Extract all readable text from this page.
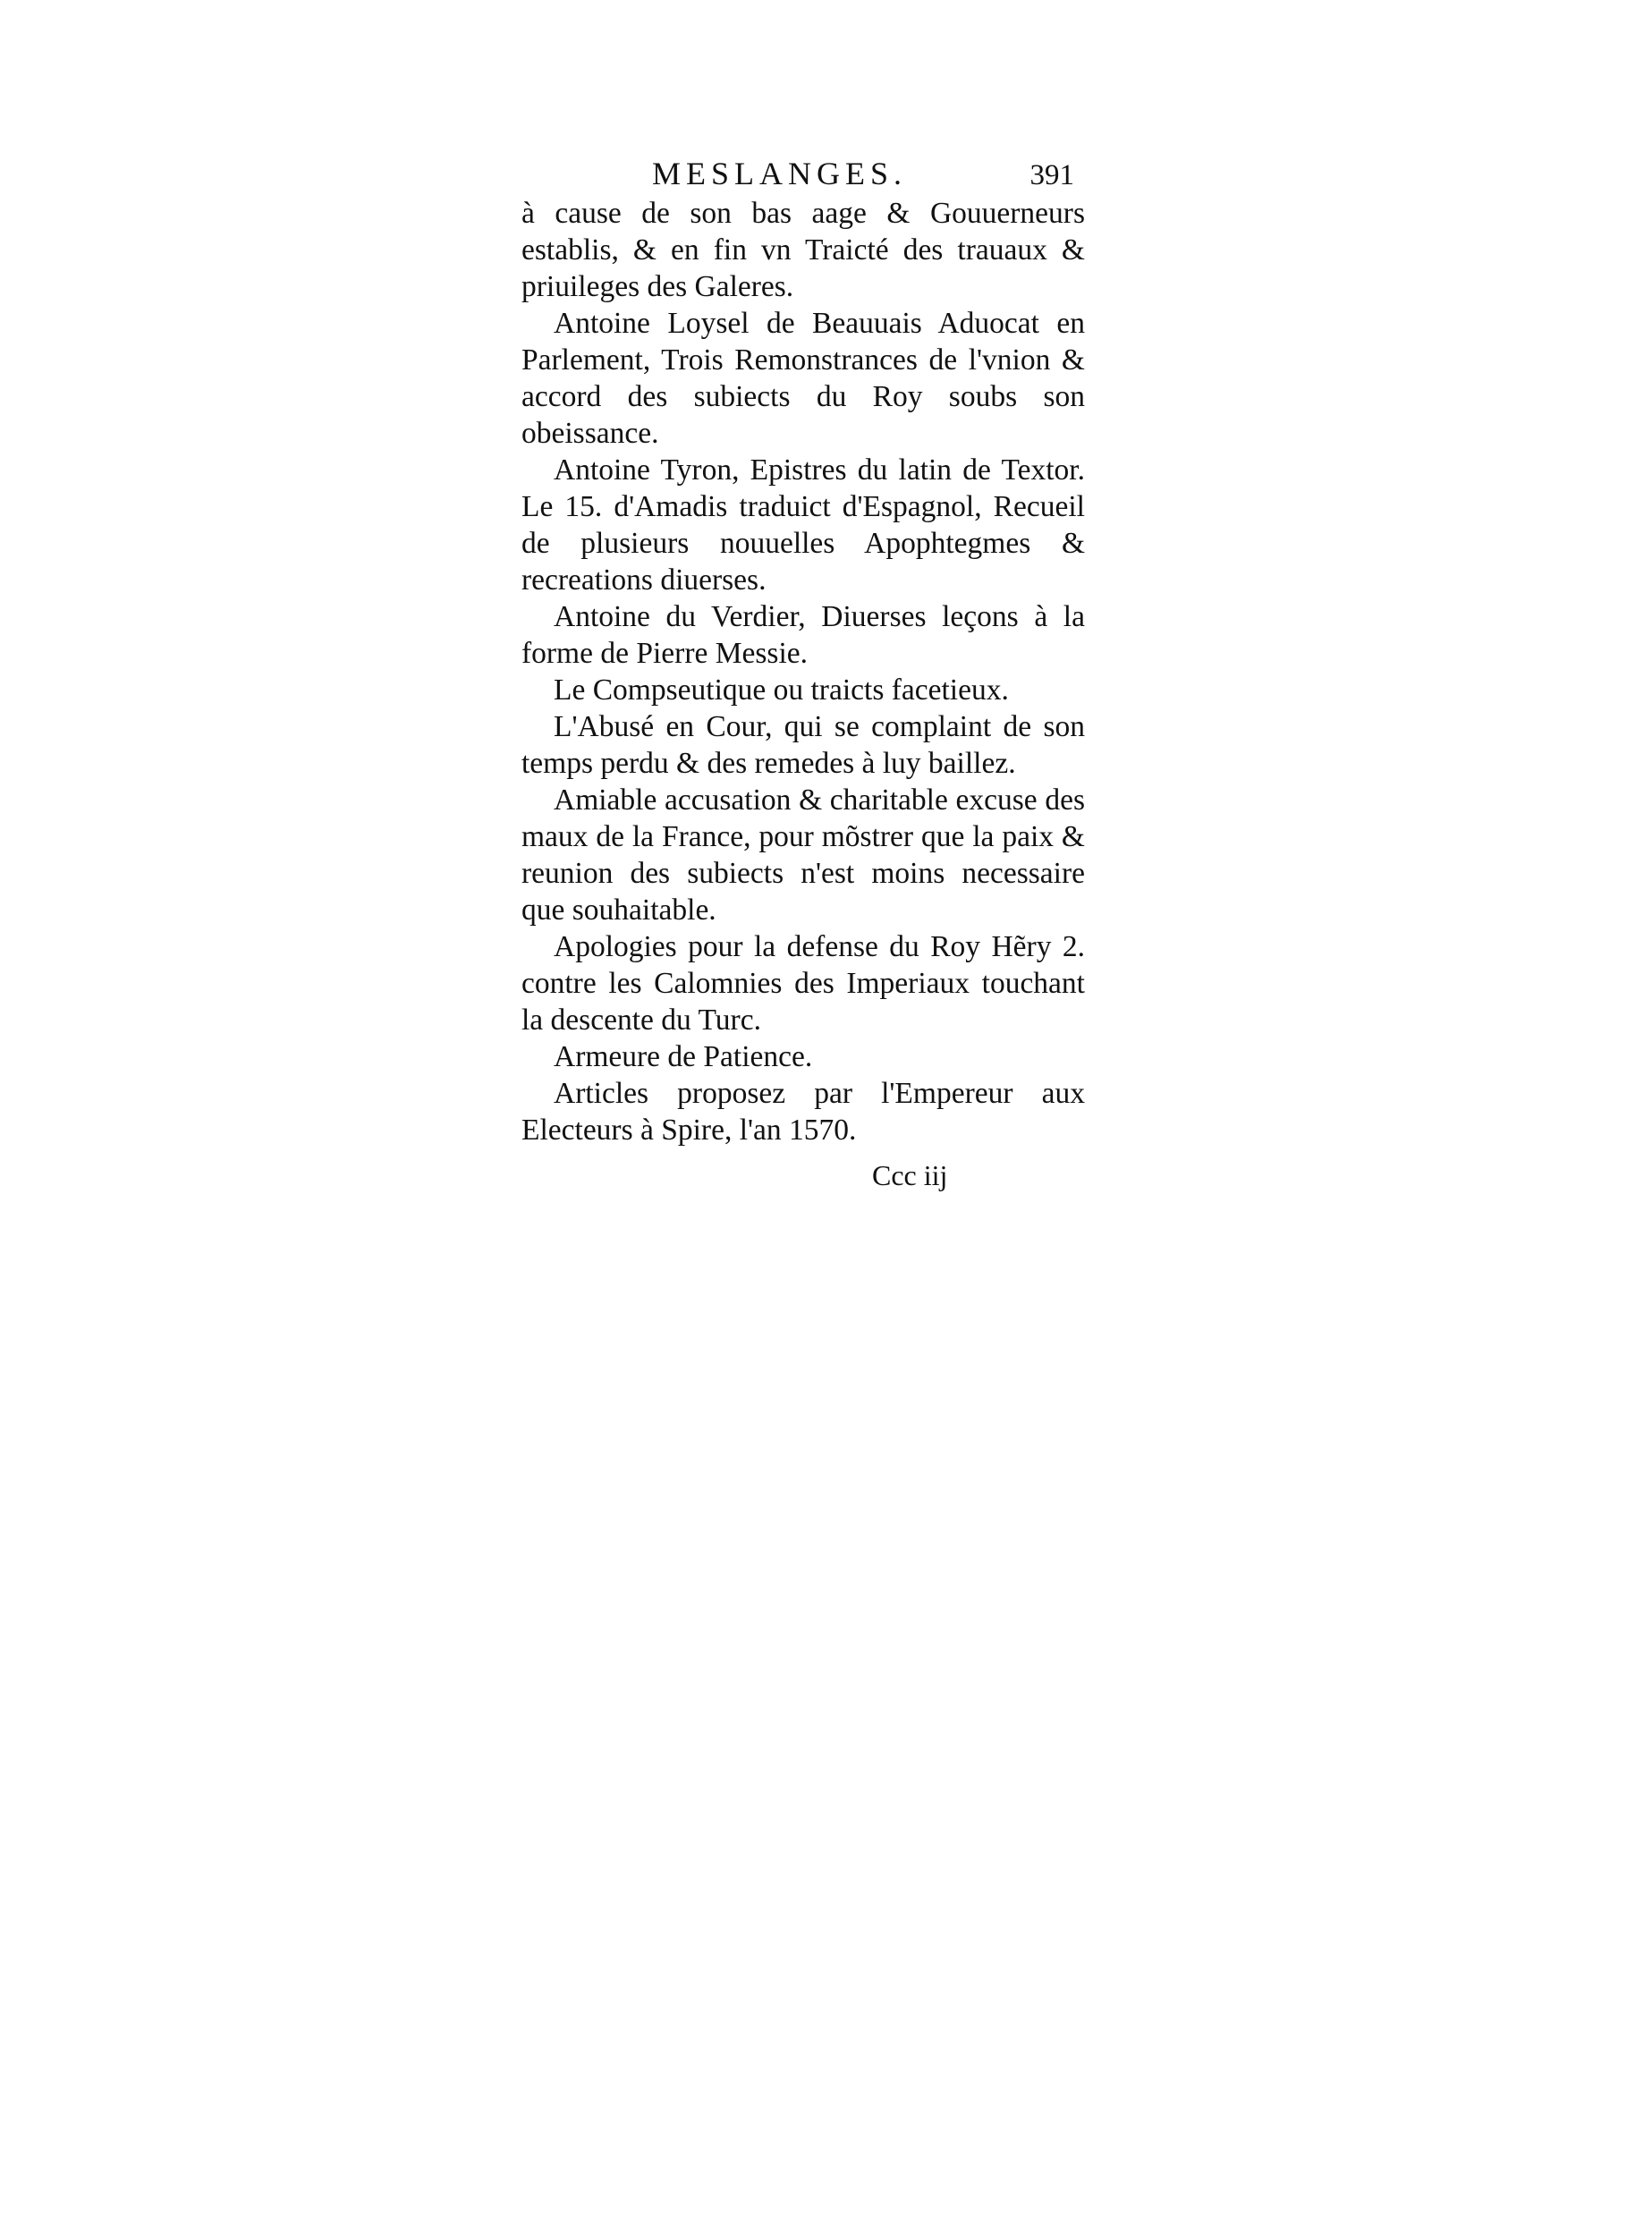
MESLANGES.	391

à cause de son bas aage & Gouuerneurs establis, & en fin vn Traicté des trauaux & priuileges des Galeres.

Antoine Loysel de Beauuais Aduocat en Parlement, Trois Remonstrances de l'vnion & accord des subiects du Roy soubs son obeissance.

Antoine Tyron, Epistres du latin de Textor. Le 15. d'Amadis traduict d'Espagnol, Recueil de plusieurs nouuelles Apophtegmes & recreations diuerses.

Antoine du Verdier, Diuerses leçons à la forme de Pierre Messie.

Le Compseutique ou traicts facetieux.

L'Abusé en Cour, qui se complaint de son temps perdu & des remedes à luy baillez.

Amiable accusation & charitable excuse des maux de la France, pour mõstrer que la paix & reunion des subiects n'est moins necessaire que souhaitable.

Apologies pour la defense du Roy Hẽry 2. contre les Calomnies des Imperiaux touchant la descente du Turc.

Armeure de Patience.

Articles proposez par l'Empereur aux Electeurs à Spire, l'an 1570.

Ccc iij
